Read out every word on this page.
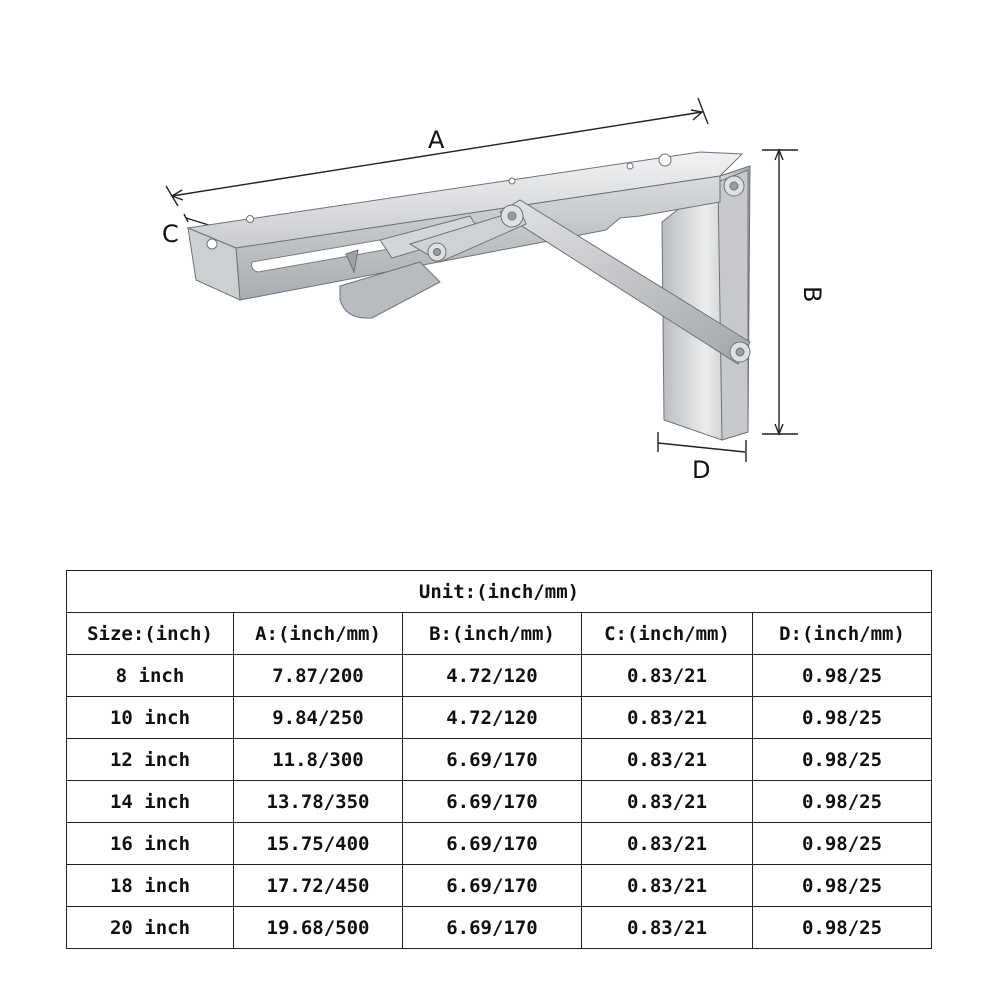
A
C
B
D
Unit:(inch/mm)				
Size:(inch)	A:(inch/mm)	B:(inch/mm)	C:(inch/mm)	D:(inch/mm)
8 inch	7.87/200	4.72/120	0.83/21	0.98/25
10 inch	9.84/250	4.72/120	0.83/21	0.98/25
12 inch	11.8/300	6.69/170	0.83/21	0.98/25
14 inch	13.78/350	6.69/170	0.83/21	0.98/25
16 inch	15.75/400	6.69/170	0.83/21	0.98/25
18 inch	17.72/450	6.69/170	0.83/21	0.98/25
20 inch	19.68/500	6.69/170	0.83/21	0.98/25
